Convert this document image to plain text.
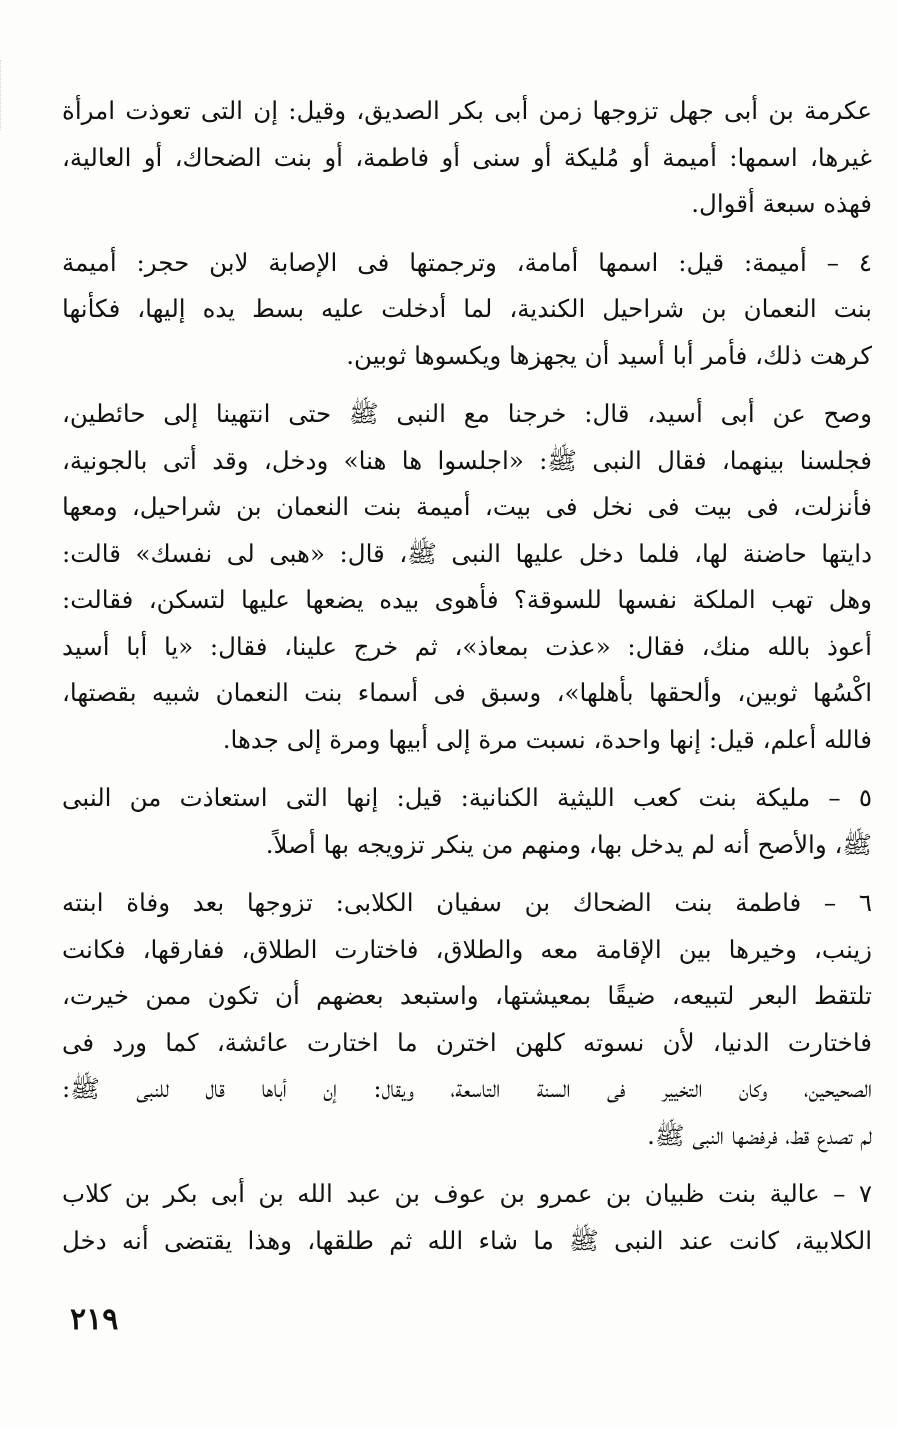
عكرمة بن أبى جهل تزوجها زمن أبى بكر الصديق، وقيل: إن التى تعوذت امرأة
غيرها، اسمها: أميمة أو مُليكة أو سنى أو فاطمة، أو بنت الضحاك، أو العالية،
فهذه سبعة أقوال.
٤ – أميمة: قيل: اسمها أمامة، وترجمتها فى الإصابة لابن حجر: أميمة
بنت النعمان بن شراحيل الكندية، لما أدخلت عليه بسط يده إليها، فكأنها
كرهت ذلك، فأمر أبا أسيد أن يجهزها ويكسوها ثوبين.
وصح عن أبى أسيد، قال: خرجنا مع النبى ﷺ حتى انتهينا إلى حائطين،
فجلسنا بينهما، فقال النبى ﷺ: «اجلسوا ها هنا» ودخل، وقد أتى بالجونية،
فأنزلت، فى بيت فى نخل فى بيت، أميمة بنت النعمان بن شراحيل، ومعها
دايتها حاضنة لها، فلما دخل عليها النبى ﷺ، قال: «هبى لى نفسك» قالت:
وهل تهب الملكة نفسها للسوقة؟ فأهوى بيده يضعها عليها لتسكن، فقالت:
أعوذ بالله منك، فقال: «عذت بمعاذ»، ثم خرج علينا، فقال: «يا أبا أسيد
اكْسُها ثوبين، وألحقها بأهلها»، وسبق فى أسماء بنت النعمان شبيه بقصتها،
فالله أعلم، قيل: إنها واحدة، نسبت مرة إلى أبيها ومرة إلى جدها.
٥ – مليكة بنت كعب الليثية الكنانية: قيل: إنها التى استعاذت من النبى
ﷺ، والأصح أنه لم يدخل بها، ومنهم من ينكر تزويجه بها أصلاً.
٦ – فاطمة بنت الضحاك بن سفيان الكلابى: تزوجها بعد وفاة ابنته
زينب، وخيرها بين الإقامة معه والطلاق، فاختارت الطلاق، ففارقها، فكانت
تلتقط البعر لتبيعه، ضيقًا بمعيشتها، واستبعد بعضهم أن تكون ممن خيرت،
فاختارت الدنيا، لأن نسوته كلهن اخترن ما اختارت عائشة، كما ورد فى
الصحيحين، وكان التخيير فى السنة التاسعة، ويقال: إن أباها قال للنبى ﷺ:
لم تصدع قط، فرفضها النبى ﷺ.
٧ – عالية بنت ظبيان بن عمرو بن عوف بن عبد الله بن أبى بكر بن كلاب
الكلابية، كانت عند النبى ﷺ ما شاء الله ثم طلقها، وهذا يقتضى أنه دخل
٢١٩
